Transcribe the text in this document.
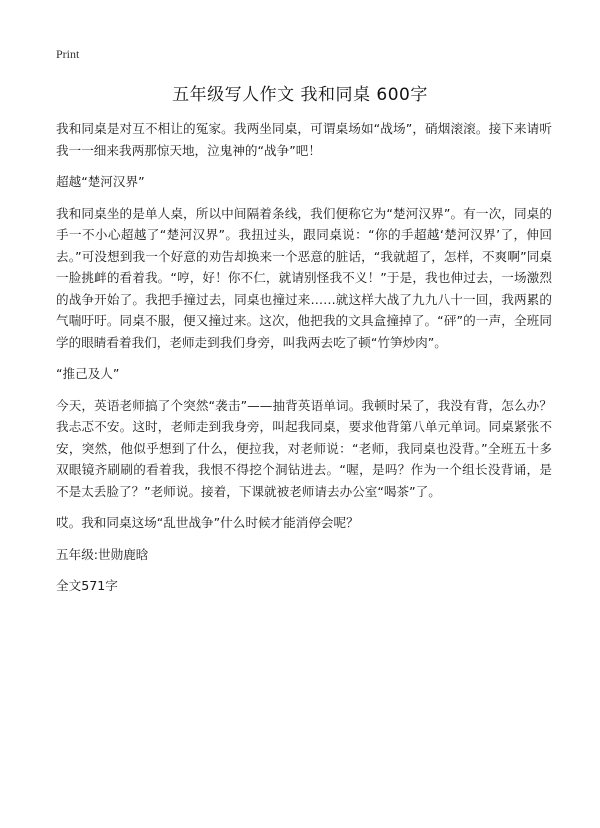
Print
五年级写人作文 我和同桌 600字

我和同桌是对互不相让的冤家。我两坐同桌，可谓桌场如“战场”，硝烟滚滚。接下来请听我一一细来我两那惊天地，泣鬼神的“战争”吧！

超越“楚河汉界”

我和同桌坐的是单人桌，所以中间隔着条线，我们便称它为“楚河汉界”。有一次，同桌的手一不小心超越了“楚河汉界”。我扭过头，跟同桌说：“你的手超越‘楚河汉界’了，伸回去。”可没想到我一个好意的劝告却换来一个恶意的脏话，“我就超了，怎样，不爽啊”同桌一脸挑衅的看着我。“哼，好！你不仁，就请别怪我不义！”于是，我也伸过去，一场激烈的战争开始了。我把手撞过去，同桌也撞过来……就这样大战了九九八十一回，我两累的气喘吁吁。同桌不服，便又撞过来。这次，他把我的文具盒撞掉了。“砰”的一声，全班同学的眼睛看着我们，老师走到我们身旁，叫我两去吃了顿“竹笋炒肉”。

“推己及人”

今天，英语老师搞了个突然“袭击”——抽背英语单词。我顿时呆了，我没有背，怎么办？我忐忑不安。这时，老师走到我身旁，叫起我同桌，要求他背第八单元单词。同桌紧张不安，突然，他似乎想到了什么，便拉我，对老师说：“老师，我同桌也没背。”全班五十多双眼镜齐刷刷的看着我，我恨不得挖个洞钻进去。“喔，是吗？作为一个组长没背诵，是不是太丢脸了？”老师说。接着，下课就被老师请去办公室“喝茶”了。

哎。我和同桌这场“乱世战争”什么时候才能消停会呢？

五年级:世勋鹿晗

全文571字
